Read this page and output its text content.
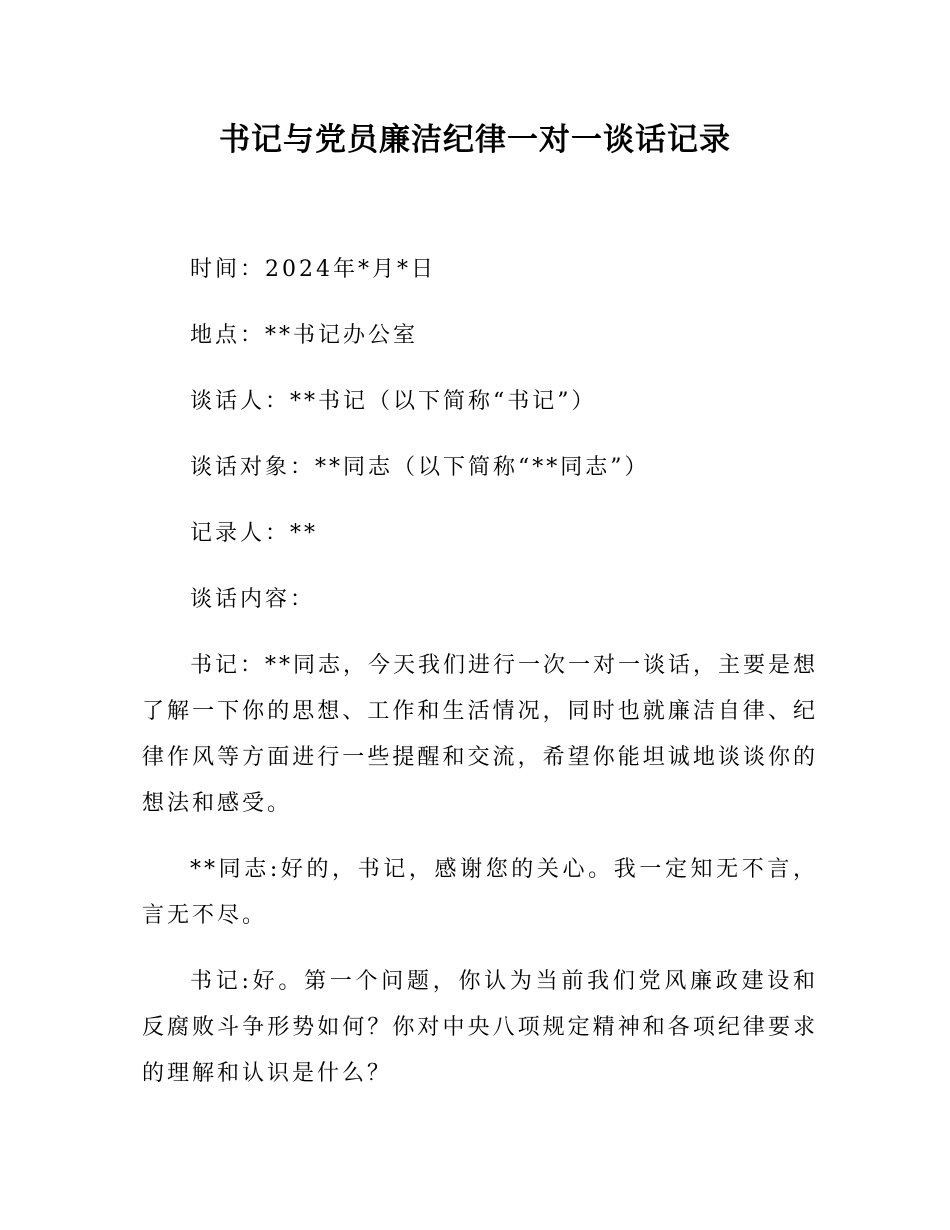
书记与党员廉洁纪律一对一谈话记录

时间：2024年*月*日

地点：**书记办公室

谈话人：**书记（以下简称“书记”）

谈话对象：**同志（以下简称“**同志”）

记录人：**

谈话内容：

书记：**同志，今天我们进行一次一对一谈话，主要是想了解一下你的思想、工作和生活情况，同时也就廉洁自律、纪律作风等方面进行一些提醒和交流，希望你能坦诚地谈谈你的想法和感受。

**同志:好的，书记，感谢您的关心。我一定知无不言，言无不尽。

书记:好。第一个问题，你认为当前我们党风廉政建设和反腐败斗争形势如何？你对中央八项规定精神和各项纪律要求的理解和认识是什么？
